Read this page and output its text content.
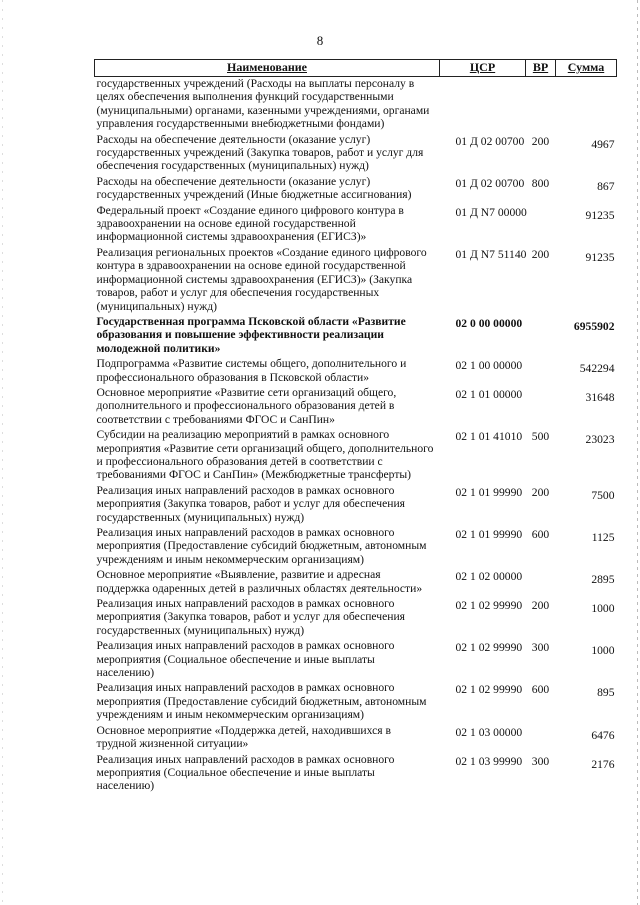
8
Наименование	ЦСР	ВР	Сумма
государственных учреждений (Расходы на выплаты персоналу в целях обеспечения выполнения функций государственными (муниципальными) органами, казенными учреждениями, органами управления государственными внебюджетными фондами)			
Расходы на обеспечение деятельности (оказание услуг) государственных учреждений (Закупка товаров, работ и услуг для обеспечения государственных (муниципальных) нужд)	01 Д 02 00700	200	4967
Расходы на обеспечение деятельности (оказание услуг) государственных учреждений (Иные бюджетные ассигнования)	01 Д 02 00700	800	867
Федеральный проект «Создание единого цифрового контура в здравоохранении на основе единой государственной информационной системы здравоохранения (ЕГИСЗ)»	01 Д N7 00000		91235
Реализация региональных проектов «Создание единого цифрового контура в здравоохранении на основе единой государственной информационной системы здравоохранения (ЕГИСЗ)» (Закупка товаров, работ и услуг для обеспечения государственных (муниципальных) нужд)	01 Д N7 51140	200	91235
Государственная программа Псковской области «Развитие образования и повышение эффективности реализации молодежной политики»	02 0 00 00000		6955902
Подпрограмма «Развитие системы общего, дополнительного и профессионального образования в Псковской области»	02 1 00 00000		542294
Основное мероприятие «Развитие сети организаций общего, дополнительного и профессионального образования детей в соответствии с требованиями ФГОС и СанПин»	02 1 01 00000		31648
Субсидии на реализацию мероприятий в рамках основного мероприятия «Развитие сети организаций общего, дополнительного и профессионального образования детей в соответствии с требованиями ФГОС и СанПин» (Межбюджетные трансферты)	02 1 01 41010	500	23023
Реализация иных направлений расходов в рамках основного мероприятия (Закупка товаров, работ и услуг для обеспечения государственных (муниципальных) нужд)	02 1 01 99990	200	7500
Реализация иных направлений расходов в рамках основного мероприятия (Предоставление субсидий бюджетным, автономным учреждениям и иным некоммерческим организациям)	02 1 01 99990	600	1125
Основное мероприятие «Выявление, развитие и адресная поддержка одаренных детей в различных областях деятельности»	02 1 02 00000		2895
Реализация иных направлений расходов в рамках основного мероприятия (Закупка товаров, работ и услуг для обеспечения государственных (муниципальных) нужд)	02 1 02 99990	200	1000
Реализация иных направлений расходов в рамках основного мероприятия (Социальное обеспечение и иные выплаты населению)	02 1 02 99990	300	1000
Реализация иных направлений расходов в рамках основного мероприятия (Предоставление субсидий бюджетным, автономным учреждениям и иным некоммерческим организациям)	02 1 02 99990	600	895
Основное мероприятие «Поддержка детей, находившихся в трудной жизненной ситуации»	02 1 03 00000		6476
Реализация иных направлений расходов в рамках основного мероприятия (Социальное обеспечение и иные выплаты населению)	02 1 03 99990	300	2176
